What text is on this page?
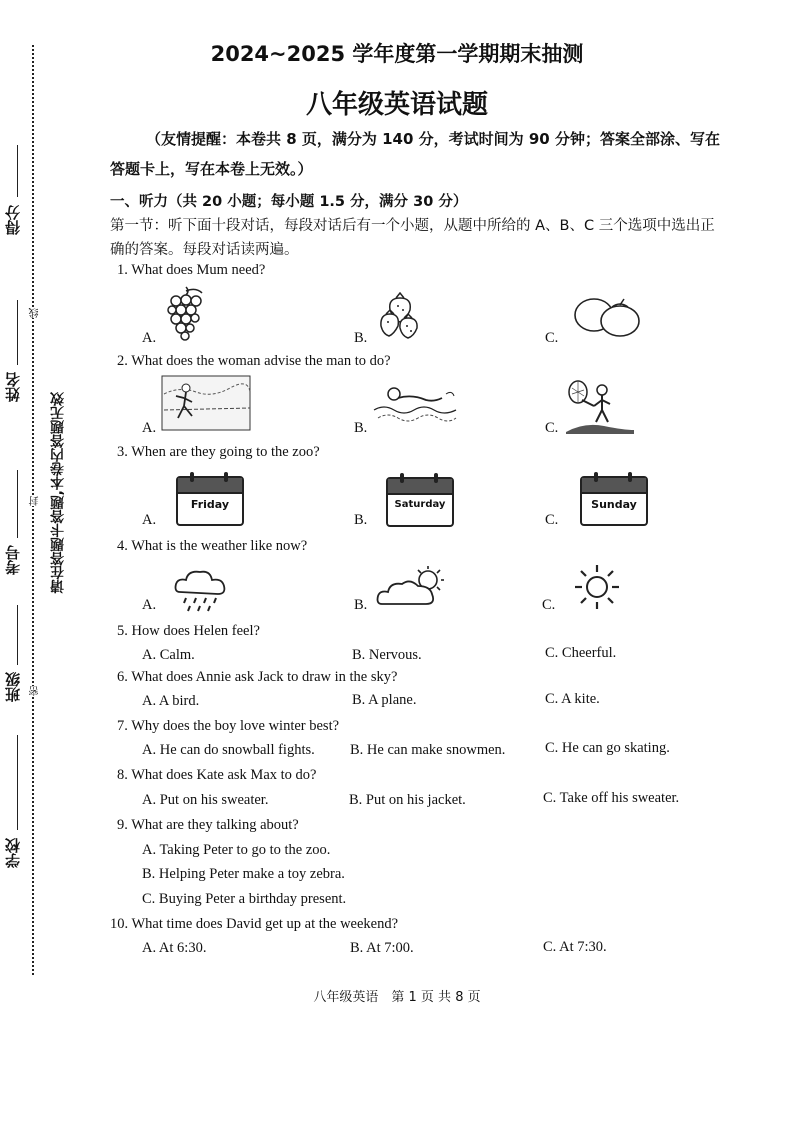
得分
姓名
考号
班级
学校
线
封
密
请在答题卡答题,本卷内答题无效
2024~2025 学年度第一学期期末抽测
八年级英语试题
（友情提醒：本卷共 8 页，满分为 140 分，考试时间为 90 分钟；答案全部涂、写在答题卡上，写在本卷上无效。）
一、听力（共 20 小题；每小题 1.5 分，满分 30 分）
第一节：听下面十段对话，每段对话后有一个小题，从题中所给的 A、B、C 三个选项中选出正确的答案。每段对话读两遍。
1. What does Mum need?
A.	B.	C.
2. What does the woman advise the man to do?
A.	B.	C.
3. When are they going to the zoo?
A.	B.	C.
Friday	Saturday	Sunday
4. What is the weather like now?
A.	B.	C.
5. How does Helen feel?
A. Calm.	B. Nervous.	C. Cheerful.
6. What does Annie ask Jack to draw in the sky?
A. A bird.	B. A plane.	C. A kite.
7. Why does the boy love winter best?
A. He can do snowball fights. B. He can make snowmen.	C. He can go skating.
8. What does Kate ask Max to do?
A. Put on his sweater.	B. Put on his jacket.	C. Take off his sweater.
9. What are they talking about?
A. Taking Peter to go to the zoo.
B. Helping Peter make a toy zebra.
C. Buying Peter a birthday present.
10. What time does David get up at the weekend?
A. At 6:30.	B. At 7:00.	C. At 7:30.
八年级英语　第 1 页 共 8 页
